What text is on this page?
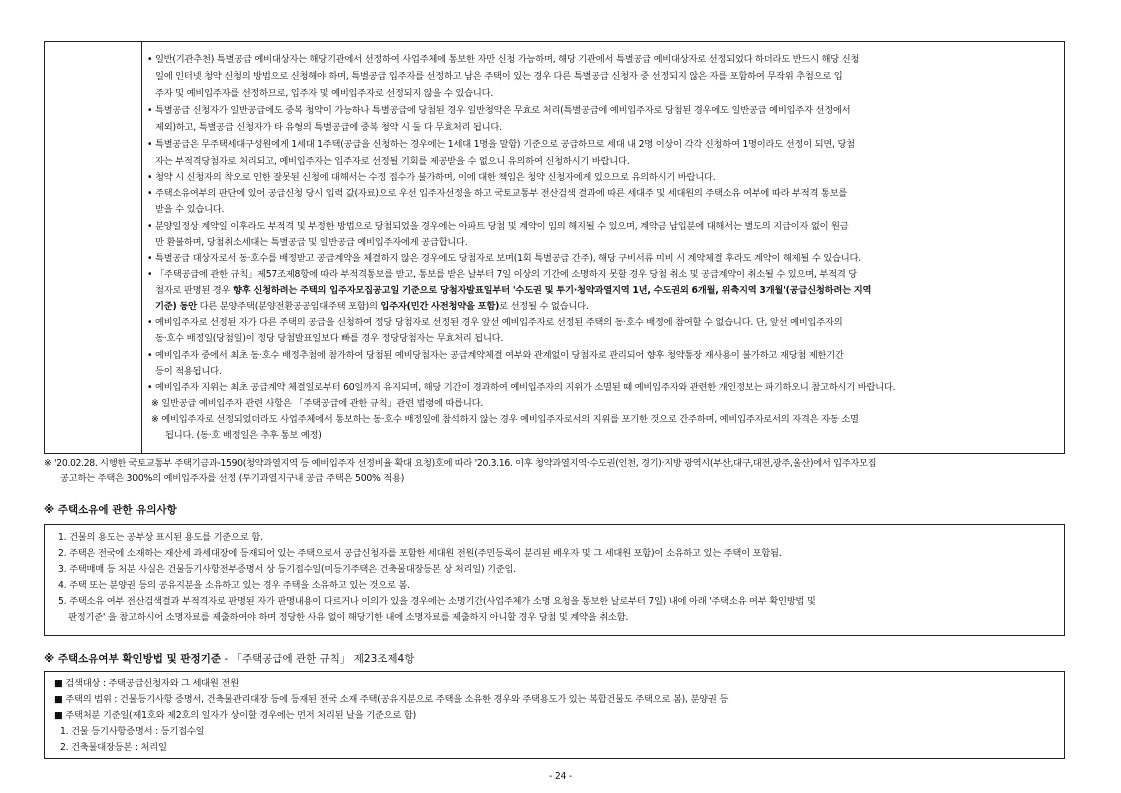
• 일반(기관추천) 특별공급 예비대상자는 해당기관에서 선정하여 사업주체에 통보한 자만 신청 가능하며, 해당 기관에서 특별공급 예비대상자로 선정되었다 하더라도 반드시 해당 신청
일에 인터넷 청약 신청의 방법으로 신청해야 하며, 특별공급 입주자를 선정하고 남은 주택이 있는 경우 다른 특별공급 신청자 중 선정되지 않은 자를 포함하여 무작위 추첨으로 입
주자 및 예비입주자를 선정하므로, 입주자 및 예비입주자로 선정되지 않을 수 있습니다.
• 특별공급 신청자가 일반공급에도 중복 청약이 가능하나 특별공급에 당첨된 경우 일반청약은 무효로 처리(특별공급에 예비입주자로 당첨된 경우에도 일반공급 예비입주자 선정에서
제외)하고, 특별공급 신청자가 타 유형의 특별공급에 중복 청약 시 둘 다 무효처리 됩니다.
• 특별공급은 무주택세대구성원에게 1세대 1주택(공급을 신청하는 경우에는 1세대 1명을 말함) 기준으로 공급하므로 세대 내 2명 이상이 각각 신청하여 1명이라도 선정이 되면, 당첨
자는 부적격당첨자로 처리되고, 예비입주자는 입주자로 선정될 기회를 제공받을 수 없으니 유의하여 신청하시기 바랍니다.
• 청약 시 신청자의 착오로 인한 잘못된 신청에 대해서는 수정 접수가 불가하며, 이에 대한 책임은 청약 신청자에게 있으므로 유의하시기 바랍니다.
• 주택소유여부의 판단에 있어 공급신청 당시 입력 값(자료)으로 우선 입주자선정을 하고 국토교통부 전산검색 결과에 따른 세대주 및 세대원의 주택소유 여부에 따라 부적격 통보를
받을 수 있습니다.
• 분양일정상 계약일 이후라도 부적격 및 부정한 방법으로 당첨되었을 경우에는 아파트 당첨 및 계약이 임의 해지될 수 있으며, 계약금 납입분에 대해서는 별도의 지급이자 없이 원금
만 환불하며, 당첨취소세대는 특별공급 및 일반공급 예비입주자에게 공급합니다.
• 특별공급 대상자로서 동·호수를 배정받고 공급계약을 체결하지 않은 경우에도 당첨자로 보며(1회 특별공급 간주), 해당 구비서류 미비 시 계약체결 후라도 계약이 해제될 수 있습니다.
• 「주택공급에 관한 규칙」제57조제8항에 따라 부적격통보를 받고, 통보를 받은 날부터 7일 이상의 기간에 소명하지 못할 경우 당첨 취소 및 공급계약이 취소될 수 있으며, 부적격 당
첨자로 판명된 경우 향후 신청하려는 주택의 입주자모집공고일 기준으로 당첨자발표일부터 '수도권 및 투기·청약과열지역 1년, 수도권외 6개월, 위축지역 3개월'(공급신청하려는 지역
기준) 동안 다른 분양주택(분양전환공공임대주택 포함)의 입주자(민간 사전청약을 포함)로 선정될 수 없습니다.
• 예비입주자로 선정된 자가 다른 주택의 공급을 신청하여 정당 당첨자로 선정된 경우 앞선 예비입주자로 선정된 주택의 동·호수 배정에 참여할 수 없습니다. 단, 앞선 예비입주자의
동·호수 배정일(당첨일)이 정당 당첨발표일보다 빠를 경우 정당당첨자는 무효처리 됩니다.
• 예비입주자 중에서 최초 동·호수 배정추첨에 참가하여 당첨된 예비당첨자는 공급계약체결 여부와 관계없이 당첨자로 관리되어 향후 청약통장 재사용이 불가하고 재당첨 제한기간
등이 적용됩니다.
• 예비입주자 지위는 최초 공급계약 체결일로부터 60일까지 유지되며, 해당 기간이 경과하여 예비입주자의 지위가 소멸된 때 예비입주자와 관련한 개인정보는 파기하오니 참고하시기 바랍니다.
※ 일반공급 예비입주자 관련 사항은 「주택공급에 관한 규칙」관련 법령에 따릅니다.
※ 예비입주자로 선정되었더라도 사업주체에서 통보하는 동·호수 배정일에 참석하지 않는 경우 예비입주자로서의 지위를 포기한 것으로 간주하며, 예비입주자로서의 자격은 자동 소멸
됩니다. (동·호 배정일은 추후 통보 예정)
※ '20.02.28. 시행한 국토교통부 주택기금과-1590(청약과열지역 등 예비입주자 선정비율 확대 요청)호에 따라 '20.3.16. 이후 청약과열지역·수도권(인천, 경기)·지방 광역시(부산,대구,대전,광주,울산)에서 입주자모집
공고하는 주택은 300%의 예비입주자를 선정 (투기과열지구내 공급 주택은 500% 적용)
※ 주택소유에 관한 유의사항
1. 건물의 용도는 공부상 표시된 용도를 기준으로 함.
2. 주택은 전국에 소재하는 재산세 과세대장에 등재되어 있는 주택으로서 공급신청자를 포함한 세대원 전원(주민등록이 분리된 배우자 및 그 세대원 포함)이 소유하고 있는 주택이 포함됨.
3. 주택매매 등 처분 사실은 건물등기사항전부증명서 상 등기접수일(미등기주택은 건축물대장등본 상 처리일) 기준임.
4. 주택 또는 분양권 등의 공유지분을 소유하고 있는 경우 주택을 소유하고 있는 것으로 봄.
5. 주택소유 여부 전산검색결과 부적격자로 판명된 자가 판명내용이 다르거나 이의가 있을 경우에는 소명기간(사업주체가 소명 요청을 통보한 날로부터 7일) 내에 아래 '주택소유 여부 확인방법 및
판정기준' 을 참고하시어 소명자료를 제출하여야 하며 정당한 사유 없이 해당기한 내에 소명자료를 제출하지 아니할 경우 당첨 및 계약을 취소함.
※ 주택소유여부 확인방법 및 판정기준 - 「주택공급에 관한 규칙」 제23조제4항
■ 검색대상 : 주택공급신청자와 그 세대원 전원
■ 주택의 범위 : 건물등기사항 증명서, 건축물관리대장 등에 등재된 전국 소재 주택(공유지분으로 주택을 소유한 경우와 주택용도가 있는 복합건물도 주택으로 봄), 분양권 등
■ 주택처분 기준일(제1호와 제2호의 일자가 상이할 경우에는 먼저 처리된 날을 기준으로 함)
1. 건물 등기사항증명서 : 등기접수일
2. 건축물대장등본 : 처리일
- 24 -
